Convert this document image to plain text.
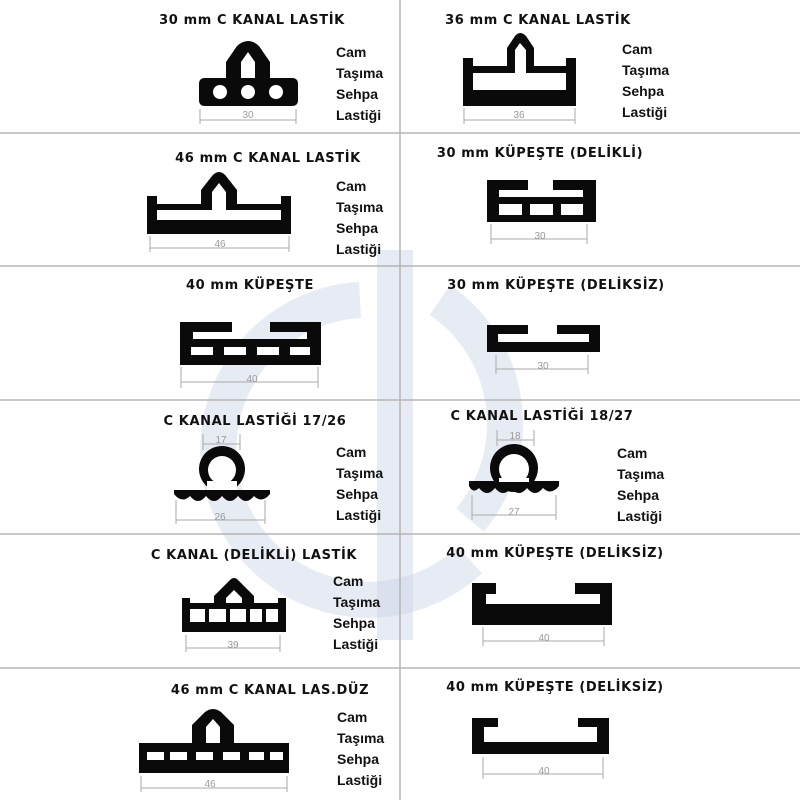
30 mm C KANAL LASTİK
30
Cam
Taşıma
Sehpa
Lastiği
36 mm C KANAL LASTİK
36
Cam
Taşıma
Sehpa
Lastiği
46 mm C KANAL LASTİK
46
Cam
Taşıma
Sehpa
Lastiği
30 mm KÜPEŞTE (DELİKLİ)
30
40 mm KÜPEŞTE
40
30 mm KÜPEŞTE (DELİKSİZ)
30
C KANAL LASTİĞİ 17/26
17
26
Cam
Taşıma
Sehpa
Lastiği
C KANAL LASTİĞİ 18/27
18
27
Cam
Taşıma
Sehpa
Lastiği
C KANAL (DELİKLİ) LASTİK
39
Cam
Taşıma
Sehpa
Lastiği
40 mm KÜPEŞTE (DELİKSİZ)
40
46 mm C KANAL LAS.DÜZ
46
Cam
Taşıma
Sehpa
Lastiği
40 mm KÜPEŞTE (DELİKSİZ)
40
